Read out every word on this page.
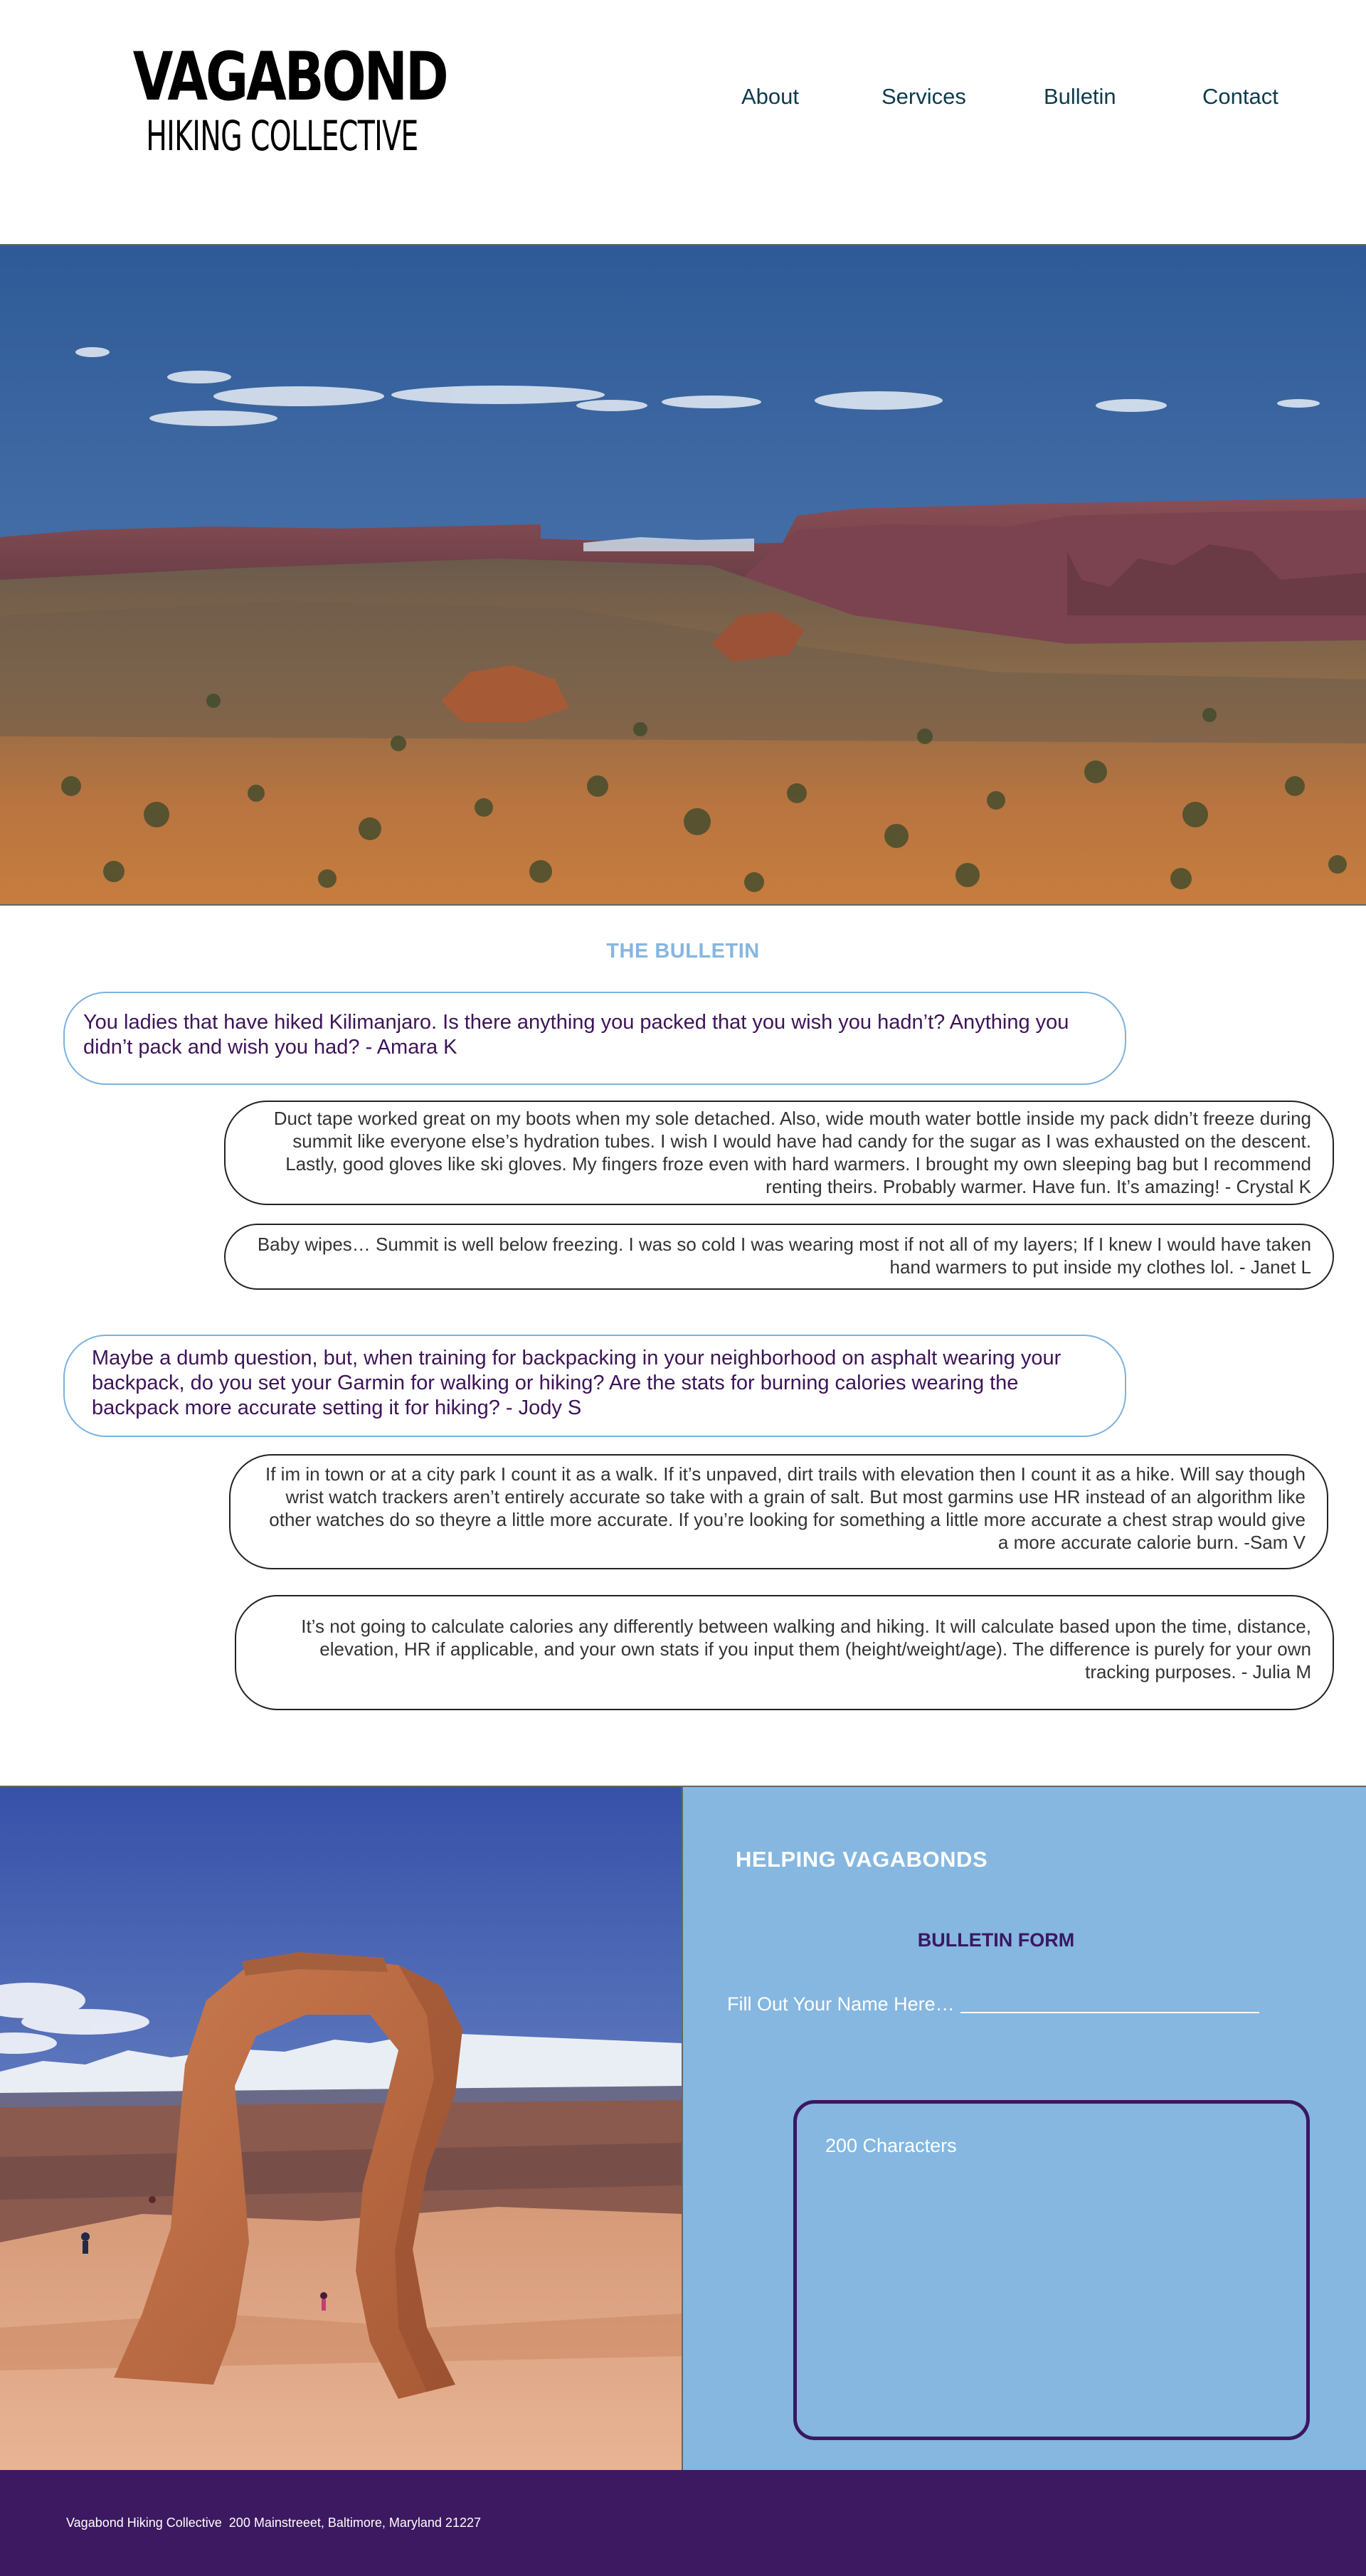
VAGABOND
HIKING COLLECTIVE
About	Services	Bulletin	Contact
THE BULLETIN
You ladies that have hiked Kilimanjaro. Is there anything you packed that you wish you hadn’t? Anything you didn’t pack and wish you had? - Amara K
Duct tape worked great on my boots when my sole detached. Also, wide mouth water bottle inside my pack didn’t freeze during summit like everyone else’s hydration tubes. I wish I would have had candy for the sugar as I was exhausted on the descent. Lastly, good gloves like ski gloves. My fingers froze even with hard warmers. I brought my own sleeping bag but I recommend renting theirs. Probably warmer. Have fun. It’s amazing! - Crystal K
Baby wipes… Summit is well below freezing. I was so cold I was wearing most if not all of my layers; If I knew I would have taken hand warmers to put inside my clothes lol. - Janet L
Maybe a dumb question, but, when training for backpacking in your neighborhood on asphalt wearing your backpack, do you set your Garmin for walking or hiking? Are the stats for burning calories wearing the backpack more accurate setting it for hiking? - Jody S
If im in town or at a city park I count it as a walk. If it’s unpaved, dirt trails with elevation then I count it as a hike. Will say though wrist watch trackers aren’t entirely accurate so take with a grain of salt. But most garmins use HR instead of an algorithm like other watches do so theyre a little more accurate. If you’re looking for something a little more accurate a chest strap would give a more accurate calorie burn. -Sam V
It’s not going to calculate calories any differently between walking and hiking. It will calculate based upon the time, distance, elevation, HR if applicable, and your own stats if you input them (height/weight/age). The difference is purely for your own tracking purposes. - Julia M
HELPING VAGABONDS
BULLETIN FORM
Fill Out Your Name Here…
200 Characters
Vagabond Hiking Collective  200 Mainstreeet, Baltimore, Maryland 21227
